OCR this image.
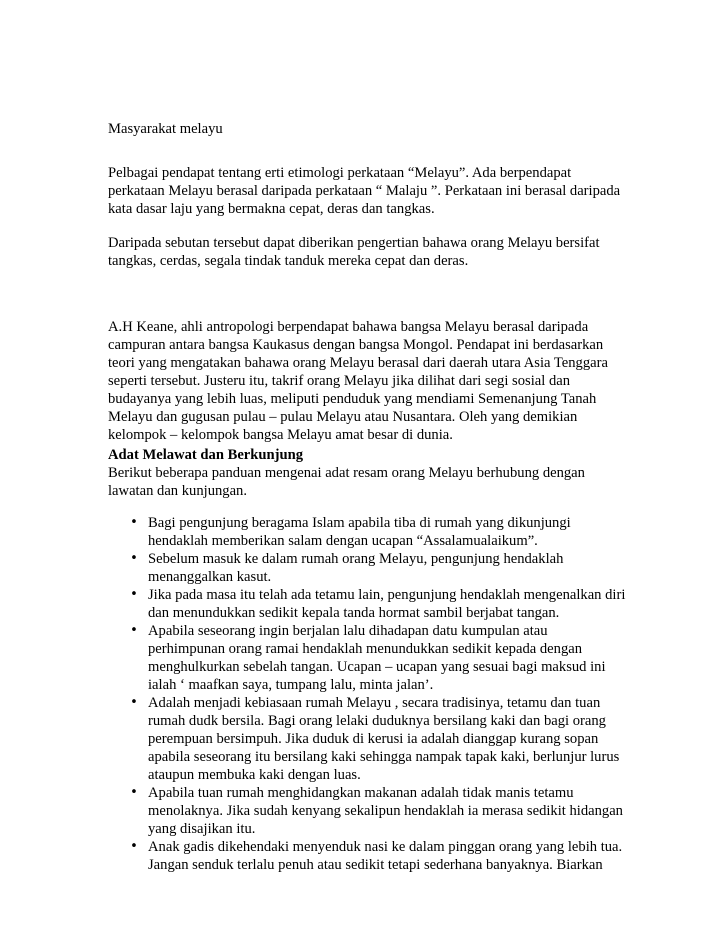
Masyarakat melayu

Pelbagai pendapat tentang erti etimologi perkataan “Melayu”. Ada berpendapat perkataan Melayu berasal daripada perkataan “ Malaju ”. Perkataan ini berasal daripada kata dasar laju yang bermakna cepat, deras dan tangkas.

Daripada sebutan tersebut dapat diberikan pengertian bahawa orang Melayu bersifat tangkas, cerdas, segala tindak tanduk mereka cepat dan deras.

A.H Keane, ahli antropologi berpendapat bahawa bangsa Melayu berasal daripada campuran antara bangsa Kaukasus dengan bangsa Mongol. Pendapat ini berdasarkan teori yang mengatakan bahawa orang Melayu berasal dari daerah utara Asia Tenggara seperti tersebut. Justeru itu, takrif orang Melayu jika dilihat dari segi sosial dan budayanya yang lebih luas, meliputi penduduk yang mendiami Semenanjung Tanah Melayu dan gugusan pulau – pulau Melayu atau Nusantara. Oleh yang demikian kelompok – kelompok bangsa Melayu amat besar di dunia.

Adat Melawat dan Berkunjung

Berikut beberapa panduan mengenai adat resam orang Melayu berhubung dengan lawatan dan kunjungan.

• Bagi pengunjung beragama Islam apabila tiba di rumah yang dikunjungi hendaklah memberikan salam dengan ucapan “Assalamualaikum”.
• Sebelum masuk ke dalam rumah orang Melayu, pengunjung hendaklah menanggalkan kasut.
• Jika pada masa itu telah ada tetamu lain, pengunjung hendaklah mengenalkan diri dan menundukkan sedikit kepala tanda hormat sambil berjabat tangan.
• Apabila seseorang ingin berjalan lalu dihadapan datu kumpulan atau perhimpunan orang ramai hendaklah menundukkan sedikit kepada dengan menghulkurkan sebelah tangan. Ucapan – ucapan yang sesuai bagi maksud ini ialah ‘ maafkan saya, tumpang lalu, minta jalan’.
• Adalah menjadi kebiasaan rumah Melayu , secara tradisinya, tetamu dan tuan rumah dudk bersila. Bagi orang lelaki duduknya bersilang kaki dan bagi orang perempuan bersimpuh. Jika duduk di kerusi ia adalah dianggap kurang sopan apabila seseorang itu bersilang kaki sehingga nampak tapak kaki, berlunjur lurus ataupun membuka kaki dengan luas.
• Apabila tuan rumah menghidangkan makanan adalah tidak manis tetamu menolaknya. Jika sudah kenyang sekalipun hendaklah ia merasa sedikit hidangan yang disajikan itu.
• Anak gadis dikehendaki menyenduk nasi ke dalam pinggan orang yang lebih tua. Jangan senduk terlalu penuh atau sedikit tetapi sederhana banyaknya. Biarkan
